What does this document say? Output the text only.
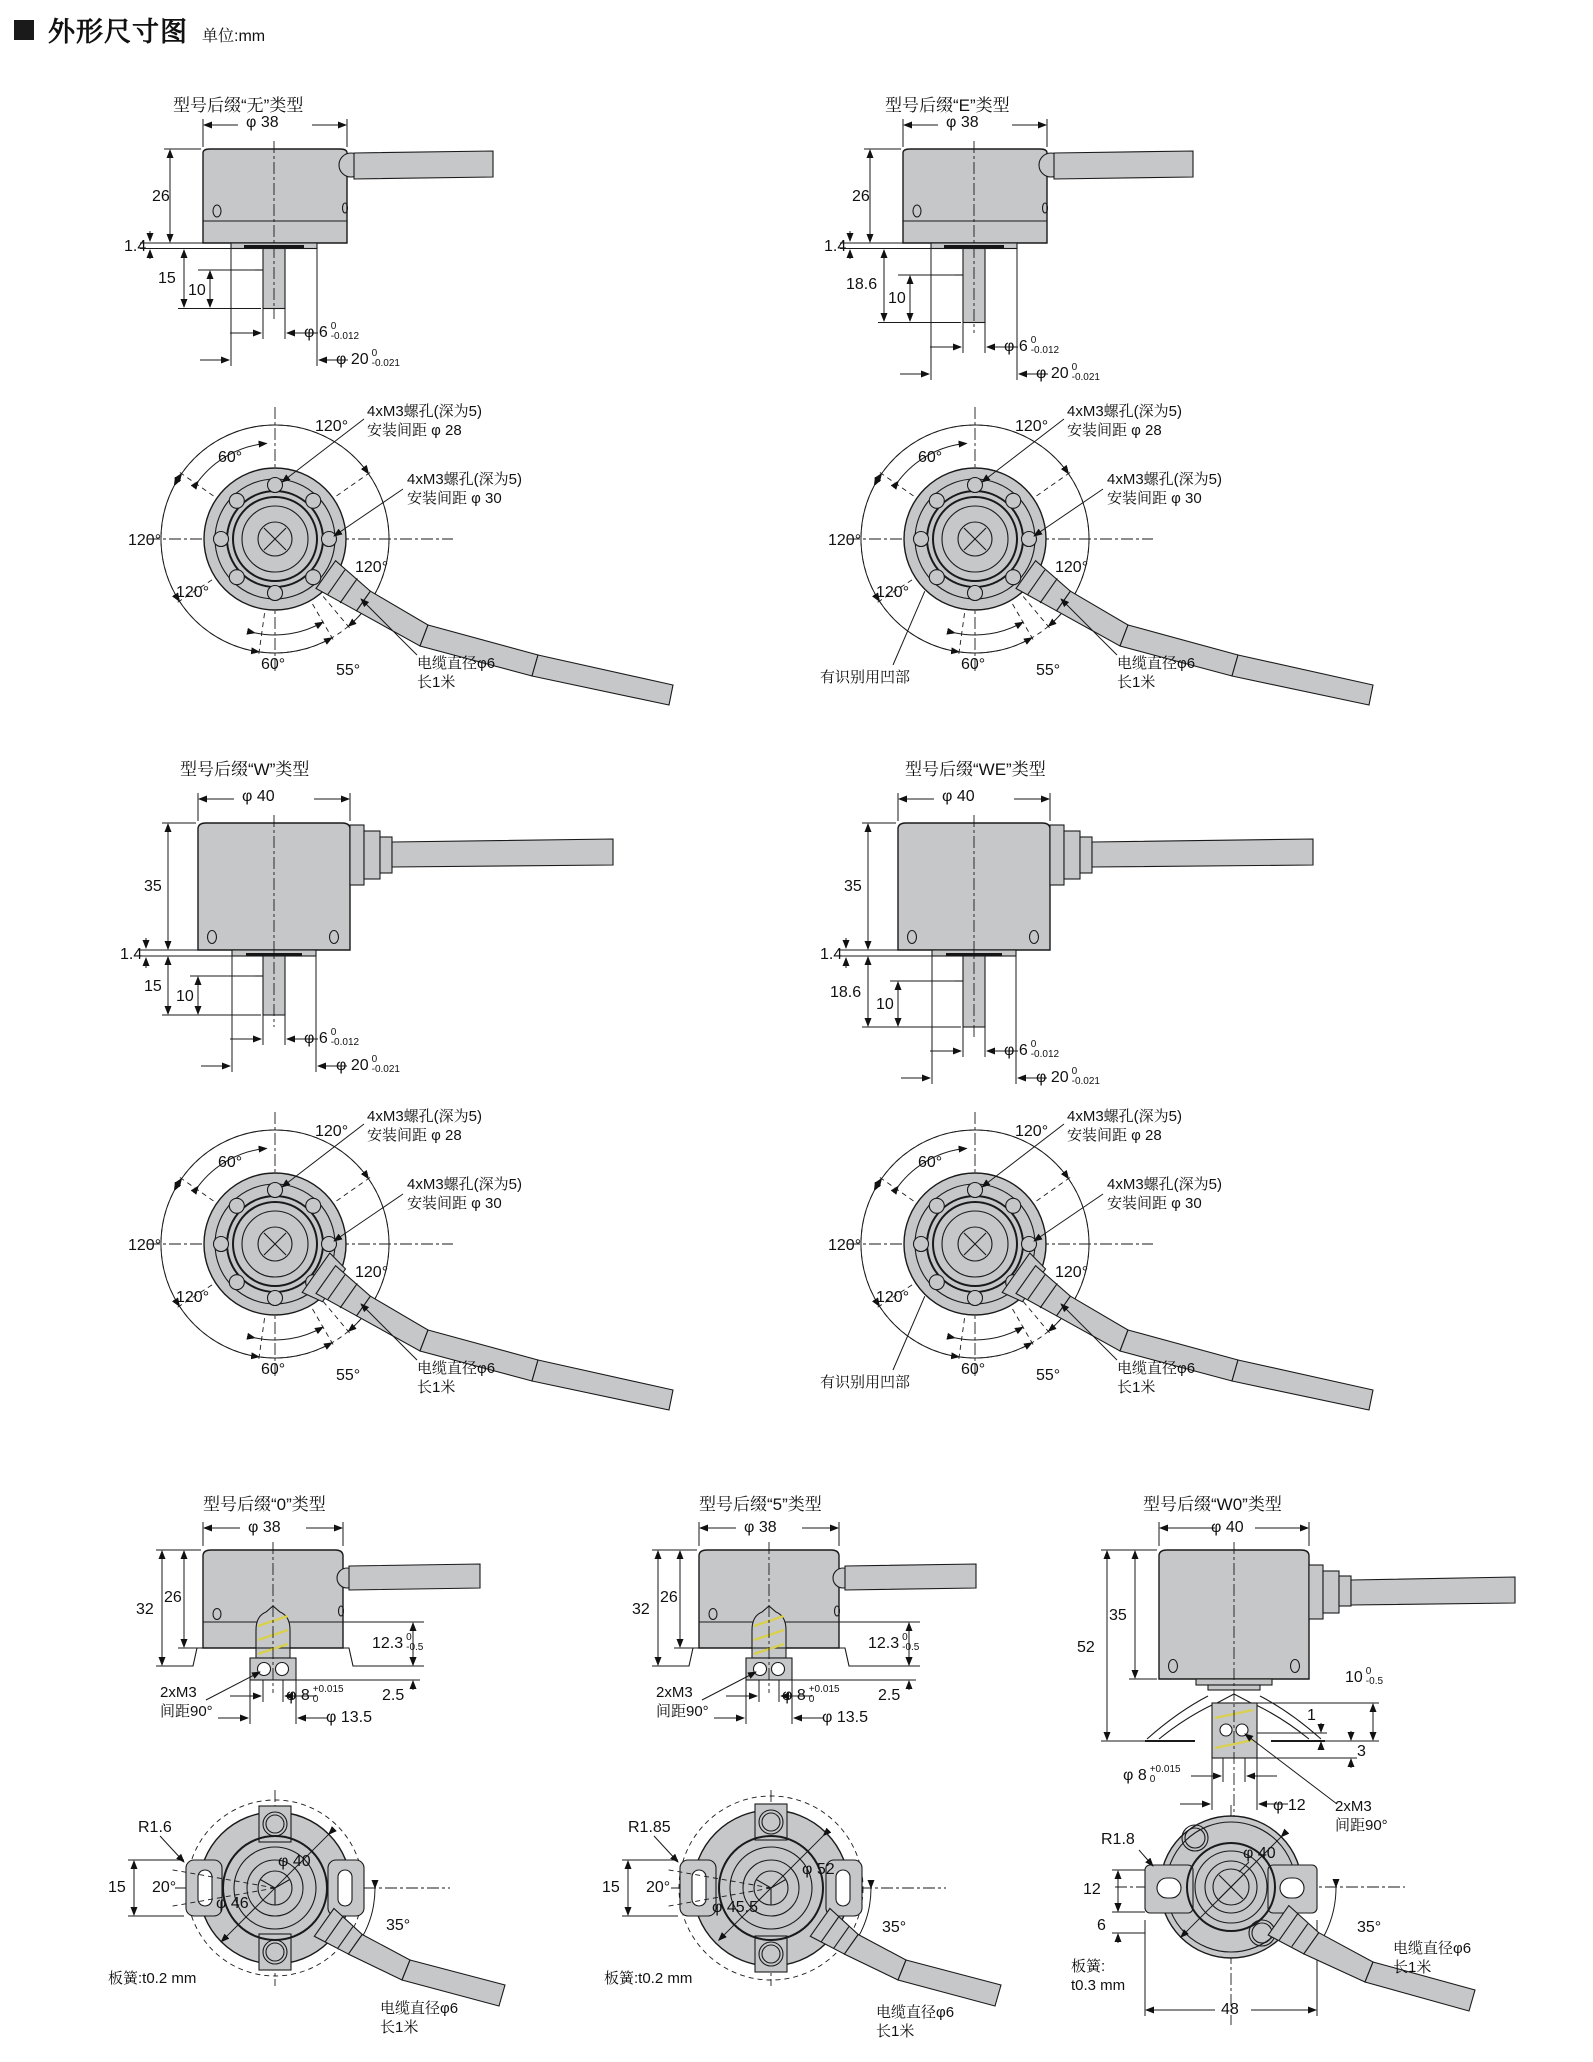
外形尺寸图 单位:mm
型号后缀“无”类型
φ 38
26
1.4
15
10
φ 6 0
-0.012
φ 20 0
-0.021
120°
60°
120°
120°
120°
60°	55°
4xM3螺孔(深为5)
安装间距 φ 28
4xM3螺孔(深为5)
安装间距 φ 30
电缆直径φ6
长1米
型号后缀“E”类型
φ 38
26
1.4
18.6
10
φ 6 0
-0.012
φ 20 0
-0.021
120°
60°
120°
120°
120°
60°	55°
4xM3螺孔(深为5)
安装间距 φ 28
4xM3螺孔(深为5)
安装间距 φ 30
电缆直径φ6
长1米
有识别用凹部
型号后缀“W”类型
φ 40
35
1.4
15
10
φ 6 0
-0.012
φ 20 0
-0.021
120°
60°
120°
120°
120°
60°	55°
4xM3螺孔(深为5)
安装间距 φ 28
4xM3螺孔(深为5)
安装间距 φ 30
电缆直径φ6
长1米
型号后缀“WE”类型
φ 40
35
1.4
18.6
10
φ 6 0
-0.012
φ 20 0
-0.021
120°
60°
120°
120°
120°
60°	55°
4xM3螺孔(深为5)
安装间距 φ 28
4xM3螺孔(深为5)
安装间距 φ 30
电缆直径φ6
长1米
有识别用凹部
型号后缀“0”类型
φ 38
32
26
12.3 0
-0.5
2.5
2xM3
间距90°
φ 8 +0.015
0
φ 13.5
R1.6
15 20°
φ 40
φ 46
35°
板簧:t0.2 mm
电缆直径φ6
长1米
型号后缀“5”类型
φ 38
32
26
12.3 0
-0.5
2.5
2xM3
间距90°
φ 8 +0.015
0
φ 13.5
R1.85
15 20°
φ 52
φ 45.5
35°
板簧:t0.2 mm
电缆直径φ6
长1米
型号后缀“W0”类型
φ 40
35
52
10 0
-0.5
1
3
φ 8 +0.015
0
φ 12 2xM3
间距90°
R1.8
12
6
φ 40
48
35°
板簧:
t0.3 mm
电缆直径φ6
长1米
